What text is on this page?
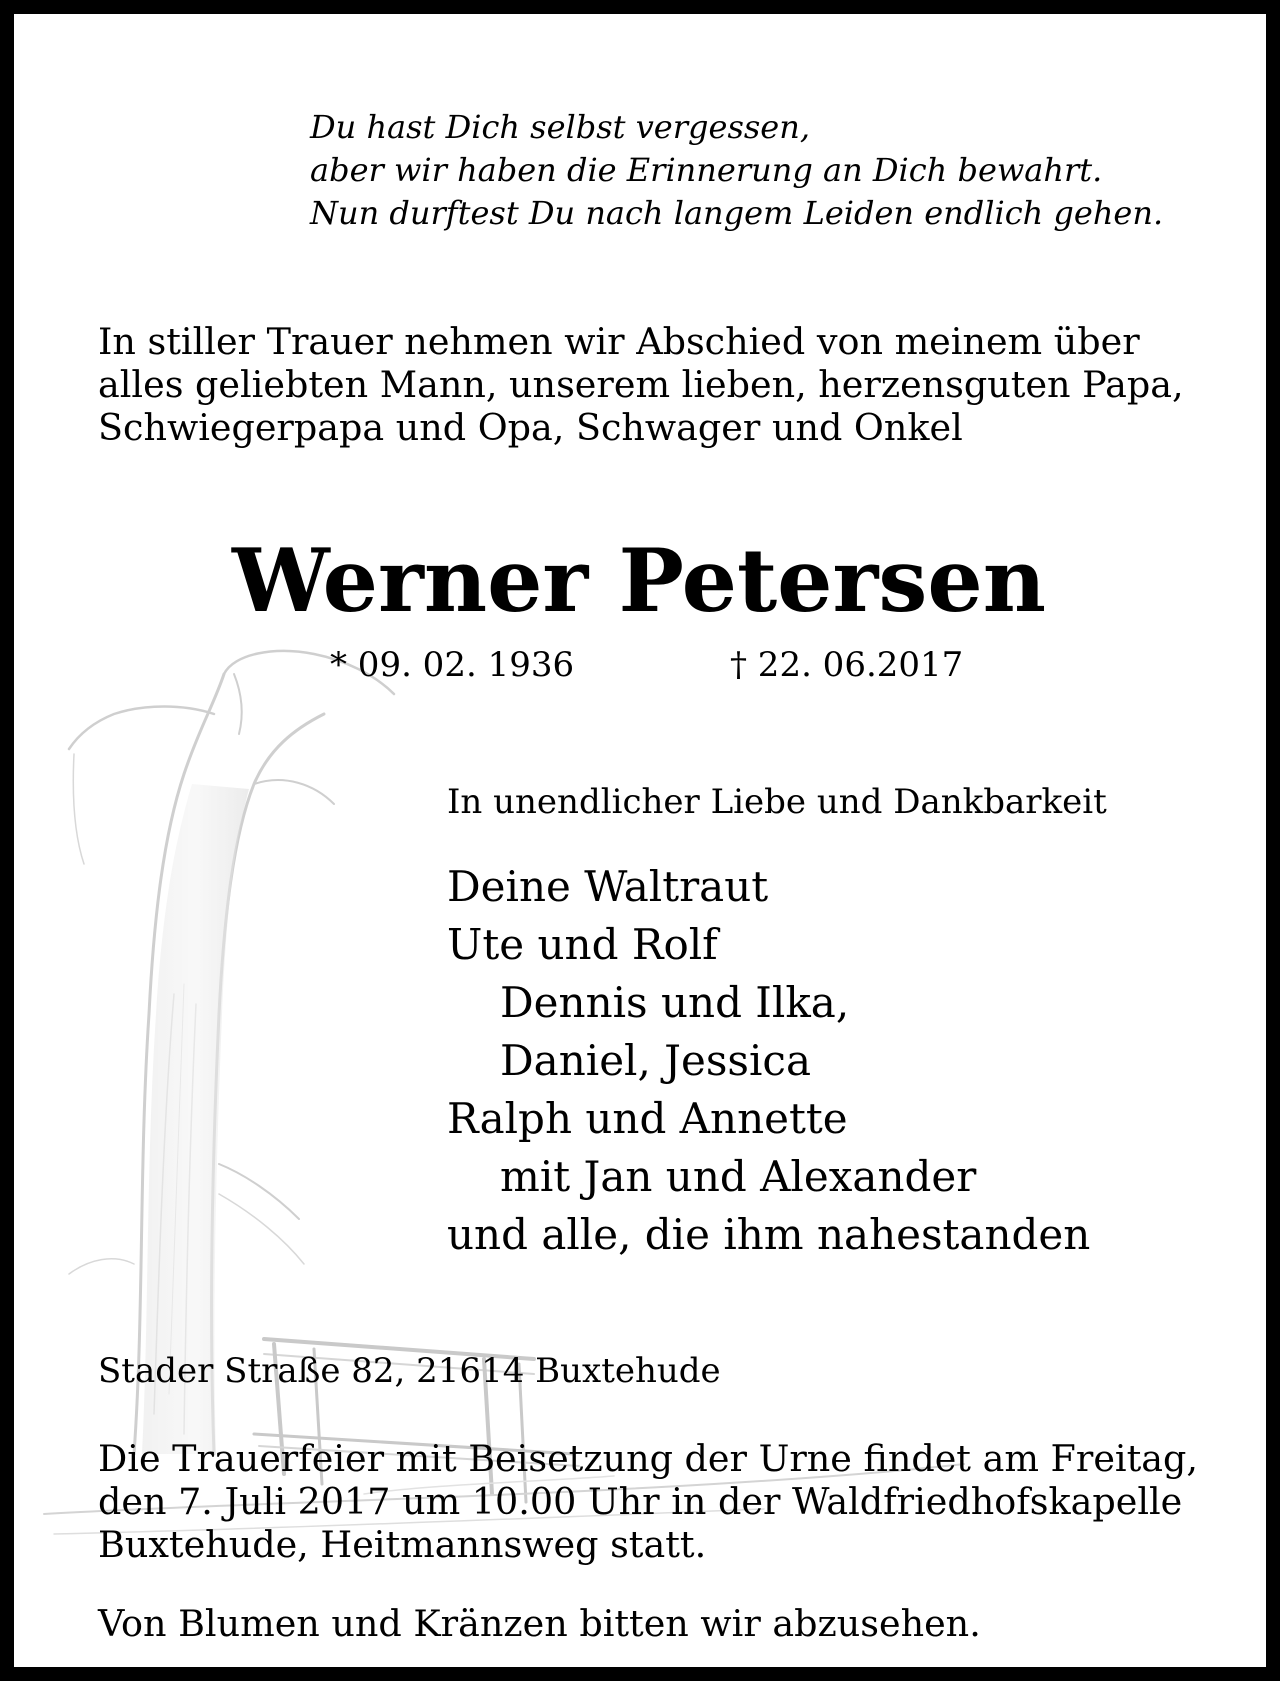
Du hast Dich selbst vergessen,
aber wir haben die Erinnerung an Dich bewahrt.
Nun durftest Du nach langem Leiden endlich gehen.
In stiller Trauer nehmen wir Abschied von meinem über
alles geliebten Mann, unserem lieben, herzensguten Papa,
Schwiegerpapa und Opa, Schwager und Onkel
Werner Petersen
* 09. 02. 1936	† 22. 06.2017
In unendlicher Liebe und Dankbarkeit
Deine Waltraut
Ute und Rolf
Dennis und Ilka,
Daniel, Jessica
Ralph und Annette
mit Jan und Alexander
und alle, die ihm nahestanden
Stader Straße 82, 21614 Buxtehude
Die Trauerfeier mit Beisetzung der Urne findet am Freitag,
den 7. Juli 2017 um 10.00 Uhr in der Waldfriedhofskapelle
Buxtehude, Heitmannsweg statt.
Von Blumen und Kränzen bitten wir abzusehen.
